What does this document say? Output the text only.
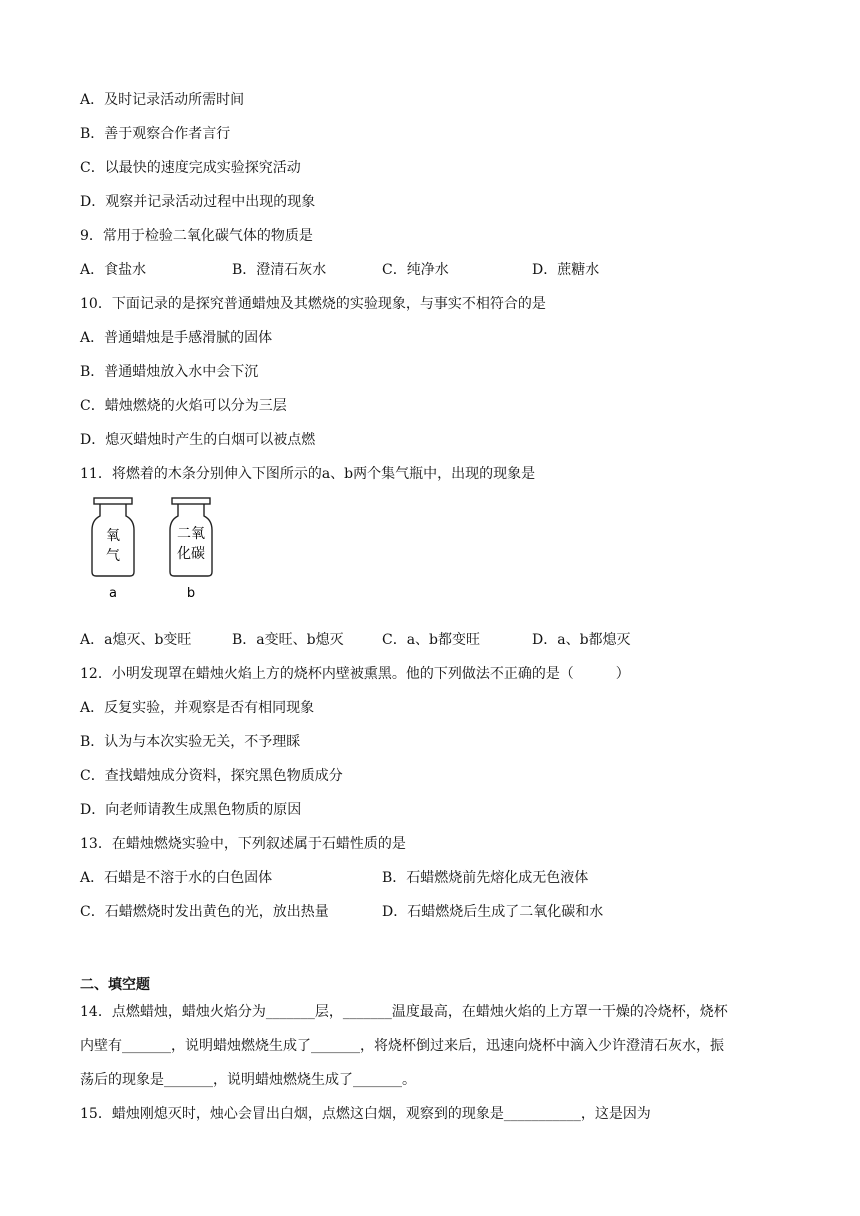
A．及时记录活动所需时间
B．善于观察合作者言行
C．以最快的速度完成实验探究活动
D．观察并记录活动过程中出现的现象
9．常用于检验二氧化碳气体的物质是
A．食盐水	B．澄清石灰水	C．纯净水	D．蔗糖水
10．下面记录的是探究普通蜡烛及其燃烧的实验现象，与事实不相符合的是
A．普通蜡烛是手感滑腻的固体
B．普通蜡烛放入水中会下沉
C．蜡烛燃烧的火焰可以分为三层
D．熄灭蜡烛时产生的白烟可以被点燃
11．将燃着的木条分别伸入下图所示的a、b两个集气瓶中，出现的现象是
氧
气
a
二氧
化碳
b
A．a熄灭、b变旺	B．a变旺、b熄灭	C．a、b都变旺	D．a、b都熄灭
12．小明发现罩在蜡烛火焰上方的烧杯内壁被熏黑。他的下列做法不正确的是（　　　）
A．反复实验，并观察是否有相同现象
B．认为与本次实验无关，不予理睬
C．查找蜡烛成分资料，探究黑色物质成分
D．向老师请教生成黑色物质的原因
13．在蜡烛燃烧实验中，下列叙述属于石蜡性质的是
A．石蜡是不溶于水的白色固体	B．石蜡燃烧前先熔化成无色液体
C．石蜡燃烧时发出黄色的光，放出热量	D．石蜡燃烧后生成了二氧化碳和水
二、填空题
14．点燃蜡烛，蜡烛火焰分为_______层，_______温度最高，在蜡烛火焰的上方罩一干燥的冷烧杯，烧杯
内壁有_______，说明蜡烛燃烧生成了_______，将烧杯倒过来后，迅速向烧杯中滴入少许澄清石灰水，振
荡后的现象是_______，说明蜡烛燃烧生成了_______。
15．蜡烛刚熄灭时，烛心会冒出白烟，点燃这白烟，观察到的现象是___________，这是因为
